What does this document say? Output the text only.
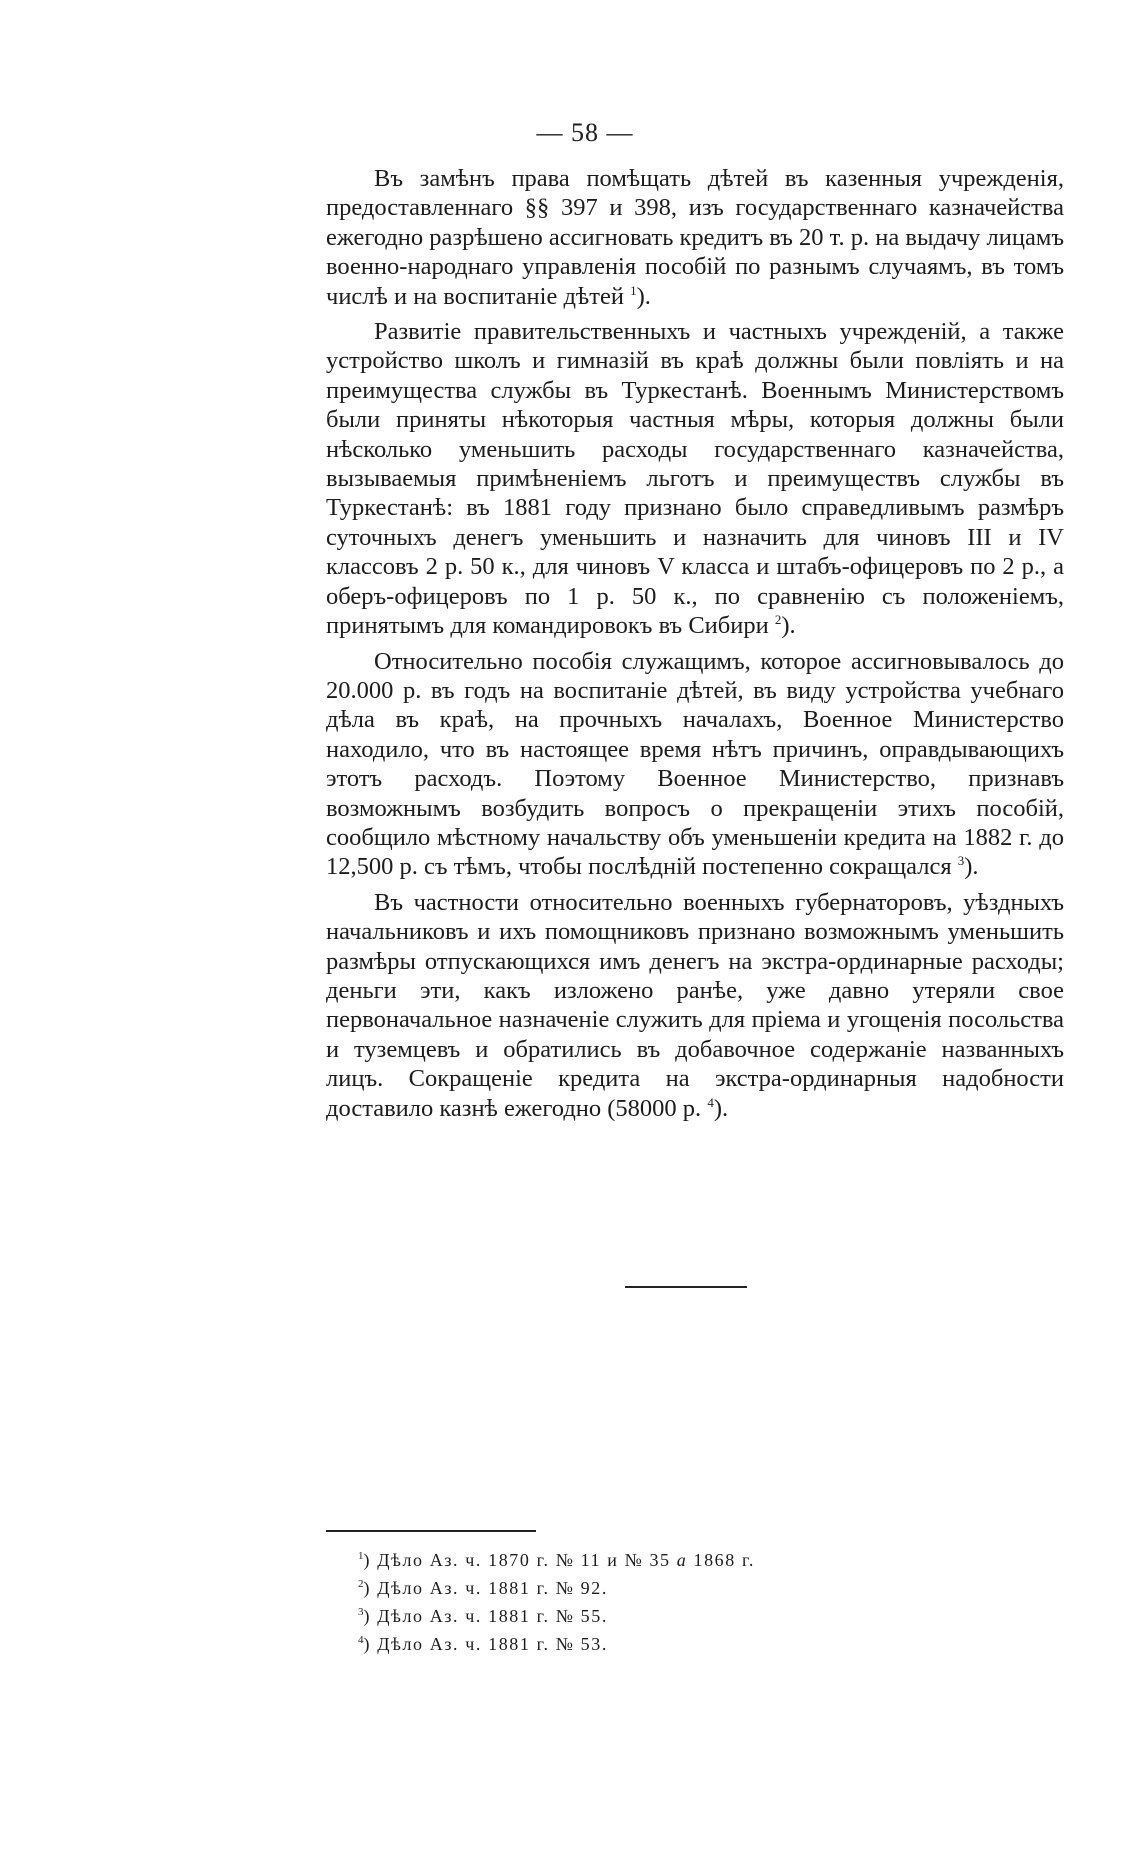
— 58 —

Въ замѣнъ права помѣщать дѣтей въ казенныя учрежденія, предоставленнаго §§ 397 и 398, изъ государственнаго казначейства ежегодно разрѣшено ассигновать кредитъ въ 20 т. р. на выдачу лицамъ военно-народнаго управленія пособій по разнымъ случаямъ, въ томъ числѣ и на воспитаніе дѣтей $^1$).

Развитіе правительственныхъ и частныхъ учрежденій, а также устройство школъ и гимназій въ краѣ должны были повліять и на преимущества службы въ Туркестанѣ. Военнымъ Министерствомъ были приняты нѣкоторыя частныя мѣры, которыя должны были нѣсколько уменьшить расходы государственнаго казначейства, вызываемыя примѣненіемъ льготъ и преимуществъ службы въ Туркестанѣ: въ 1881 году признано было справедливымъ размѣръ суточныхъ денегъ уменьшить и назначить для чиновъ III и IV классовъ 2 р. 50 к., для чиновъ V класса и штабъ-офицеровъ по 2 р., а оберъ-офицеровъ по 1 р. 50 к., по сравненію съ положеніемъ, принятымъ для командировокъ въ Сибири $^2$).

Относительно пособія служащимъ, которое ассигновывалось до 20.000 р. въ годъ на воспитаніе дѣтей, въ виду устройства учебнаго дѣла въ краѣ, на прочныхъ началахъ, Военное Министерство находило, что въ настоящее время нѣтъ причинъ, оправдывающихъ этотъ расходъ. Поэтому Военное Министерство, признавъ возможнымъ возбудить вопросъ о прекращеніи этихъ пособій, сообщило мѣстному начальству объ уменьшеніи кредита на 1882 г. до 12,500 р. съ тѣмъ, чтобы послѣдній постепенно сокращался $^3$).

Въ частности относительно военныхъ губернаторовъ, уѣздныхъ начальниковъ и ихъ помощниковъ признано возможнымъ уменьшить размѣры отпускающихся имъ денегъ на экстра-ординарные расходы; деньги эти, какъ изложено ранѣе, уже давно утеряли свое первоначальное назначеніе служить для пріема и угощенія посольства и туземцевъ и обратились въ добавочное содержаніе названныхъ лицъ. Сокращеніе кредита на экстра-ординарныя надобности доставило казнѣ ежегодно (58000 р. $^4$).

$^1$) Дѣло Аз. ч. 1870 г. № 11 и № 35 а 1868 г.
$^2$) Дѣло Аз. ч. 1881 г. № 92.
$^3$) Дѣло Аз. ч. 1881 г. № 55.
$^4$) Дѣло Аз. ч. 1881 г. № 53.
